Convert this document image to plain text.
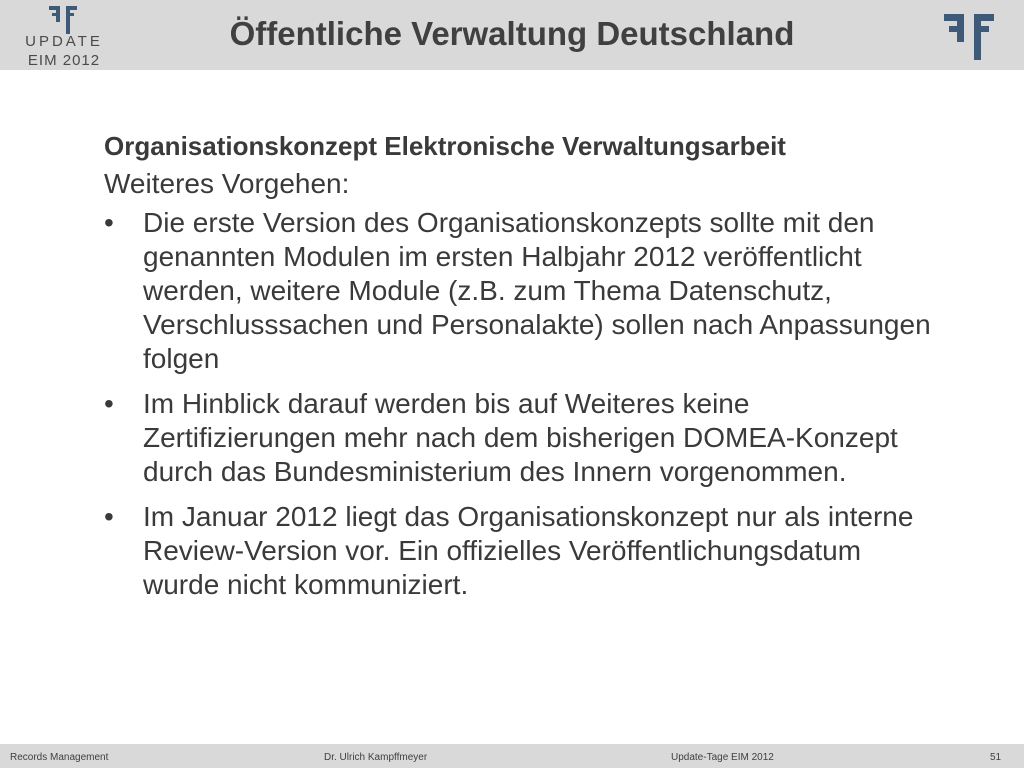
UPDATE
EIM 2012
Öffentliche Verwaltung Deutschland
Organisationskonzept Elektronische Verwaltungsarbeit

Weiteres Vorgehen:

• Die erste Version des Organisationskonzepts sollte mit den genannten Modulen im ersten Halbjahr 2012 veröffentlicht werden, weitere Module (z.B. zum Thema Datenschutz, Verschlusssachen und Personalakte) sollen nach Anpassungen folgen
• Im Hinblick darauf werden bis auf Weiteres keine Zertifizierungen mehr nach dem bisherigen DOMEA-Konzept durch das Bundesministerium des Innern vorgenommen.
• Im Januar 2012 liegt das Organisationskonzept nur als interne Review-Version vor. Ein offizielles Veröffentlichungsdatum wurde nicht kommuniziert.
Records Management	Dr. Ulrich Kampffmeyer	Update-Tage EIM 2012	51
